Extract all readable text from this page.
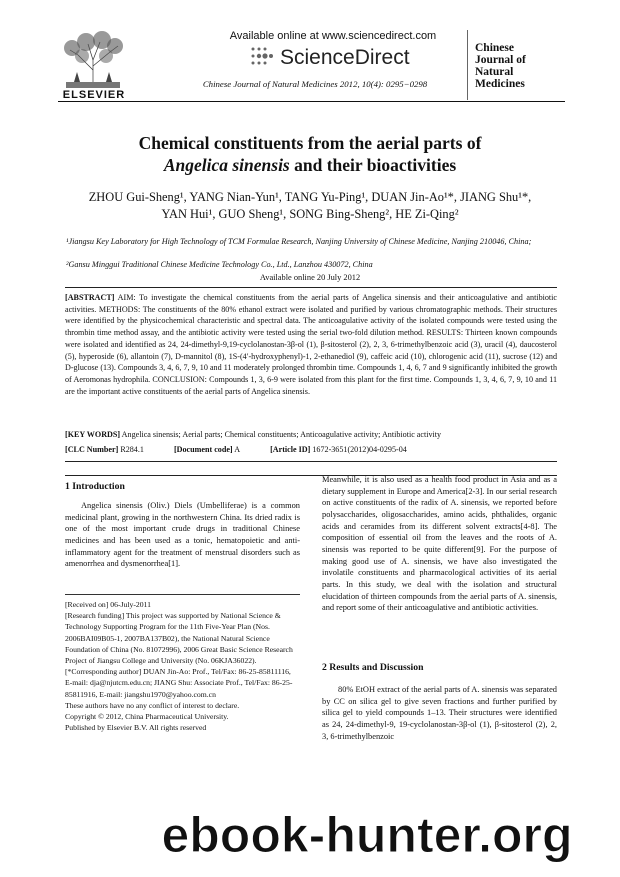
ELSEVIER
Available online at www.sciencedirect.com
ScienceDirect
Chinese Journal of Natural Medicines 2012, 10(4): 0295−0298
Chinese
Journal of
Natural
Medicines
Chemical constituents from the aerial parts of
Angelica sinensis and their bioactivities
ZHOU Gui-Sheng¹, YANG Nian-Yun¹, TANG Yu-Ping¹, DUAN Jin-Ao¹*, JIANG Shu¹*,
YAN Hui¹, GUO Sheng¹, SONG Bing-Sheng², HE Zi-Qing²
¹Jiangsu Key Laboratory for High Technology of TCM Formulae Research, Nanjing University of Chinese Medicine, Nanjing 210046, China;
²Gansu Minggui Traditional Chinese Medicine Technology Co., Ltd., Lanzhou 430072, China
Available online 20 July 2012
[ABSTRACT] AIM: To investigate the chemical constituents from the aerial parts of Angelica sinensis and their anticoagulative and antibiotic activities. METHODS: The constituents of the 80% ethanol extract were isolated and purified by various chromatographic methods. Their structures were identified by the physicochemical characteristic and spectral data. The anticoagulative activity of the isolated compounds were tested using the thrombin time method assay, and the antibiotic activity were tested using the serial two-fold dilution method. RESULTS: Thirteen known compounds were isolated and identified as 24, 24-dimethyl-9,19-cyclolanostan-3β-ol (1), β-sitosterol (2), 2, 3, 6-trimethylbenzoic acid (3), uracil (4), daucosterol (5), hyperoside (6), allantoin (7), D-mannitol (8), 1S-(4′-hydroxyphenyl)-1, 2-ethanediol (9), caffeic acid (10), chlorogenic acid (11), sucrose (12) and D-glucose (13). Compounds 3, 4, 6, 7, 9, 10 and 11 moderately prolonged thrombin time. Compounds 1, 4, 6, 7 and 9 significantly inhibited the growth of Aeromonas hydrophila. CONCLUSION: Compounds 1, 3, 6-9 were isolated from this plant for the first time. Compounds 1, 3, 4, 6, 7, 9, 10 and 11 are the important active constituents of the aerial parts of Angelica sinensis.
[KEY WORDS] Angelica sinensis; Aerial parts; Chemical constituents; Anticoagulative activity; Antibiotic activity
[CLC Number] R284.1	[Document code] A	[Article ID] 1672-3651(2012)04-0295-04
1 Introduction
Angelica sinensis (Oliv.) Diels (Umbelliferae) is a common medicinal plant, growing in the northwestern China. Its dried radix is one of the most important crude drugs in traditional Chinese medicines and has been used as a tonic, hematopoietic and anti-inflammatory agent for the treatment of menstrual disorders such as amenorrhea and dysmenorrhea[1].
[Received on] 06-July-2011
[Research funding] This project was supported by National Science & Technology Supporting Program for the 11th Five-Year Plan (Nos. 2006BAI09B05-1, 2007BA137B02), the National Natural Science Foundation of China (No. 81072996), 2006 Great Basic Science Research Project of Jiangsu College and University (No. 06KJA36022).
[*Corresponding author] DUAN Jin-Ao: Prof., Tel/Fax: 86-25-85811116, E-mail: dja@njutcm.edu.cn; JIANG Shu: Associate Prof., Tel/Fax: 86-25-85811916, E-mail: jiangshu1970@yahoo.com.cn
These authors have no any conflict of interest to declare.
Copyright © 2012, China Pharmaceutical University.
Published by Elsevier B.V. All rights reserved
Meanwhile, it is also used as a health food product in Asia and as a dietary supplement in Europe and America[2-3]. In our serial research on active constituents of the radix of A. sinensis, we reported before polysaccharides, oligosaccharides, amino acids, phthalides, organic acids and ceramides from its different solvent extracts[4-8]. The composition of essential oil from the leaves and the roots of A. sinensis was reported to be quite different[9]. For the purpose of making good use of A. sinensis, we have also investigated the involatile constituents and pharmacological activities of its aerial parts. In this study, we deal with the isolation and structural elucidation of thirteen compounds from the aerial parts of A. sinensis, and report some of their anticoagulative and antibiotic activities.
2 Results and Discussion
80% EtOH extract of the aerial parts of A. sinensis was separated by CC on silica gel to give seven fractions and further purified by silica gel to yield compounds 1–13. Their structures were identified as 24, 24-dimethyl-9, 19-cyclolanostan-3β-ol (1), β-sitosterol (2), 2, 3, 6-trimethylbenzoic
ebook-hunter.org
